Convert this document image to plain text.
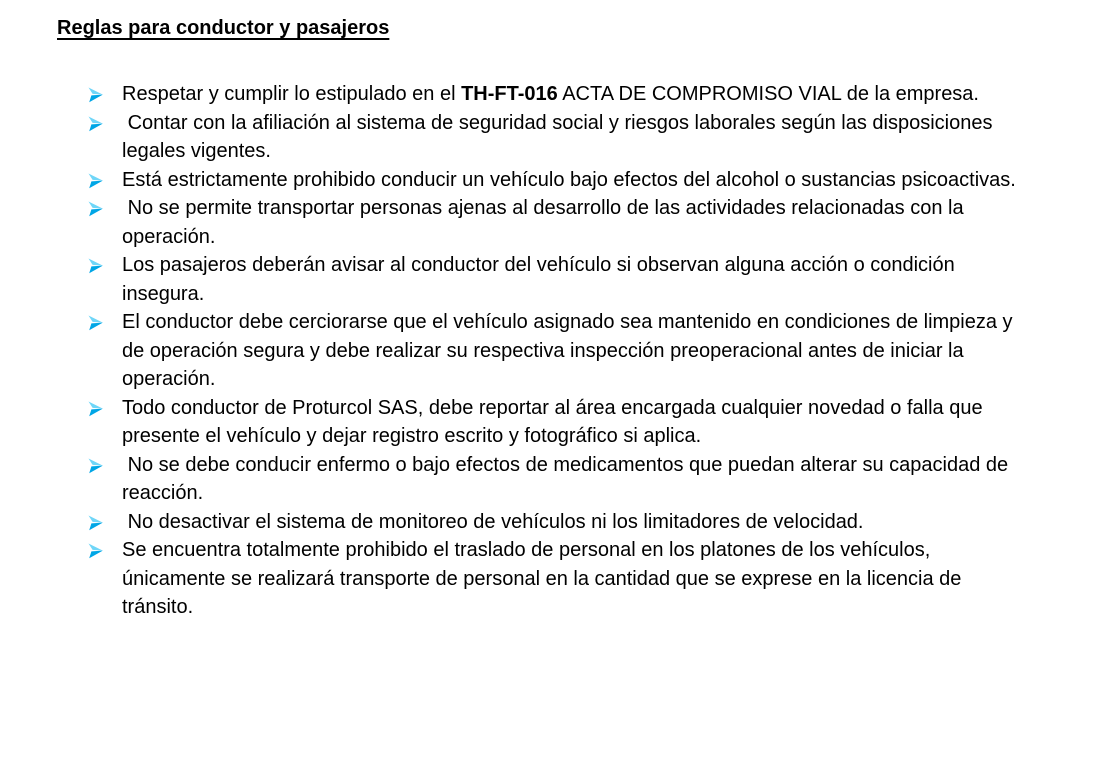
Reglas para conductor y pasajeros
Respetar y cumplir lo estipulado en el TH-FT-016 ACTA DE COMPROMISO VIAL de la empresa.
Contar con la afiliación al sistema de seguridad social y riesgos laborales según las disposiciones legales vigentes.
Está estrictamente prohibido conducir un vehículo bajo efectos del alcohol o sustancias psicoactivas.
No se permite transportar personas ajenas al desarrollo de las actividades relacionadas con la operación.
Los pasajeros deberán avisar al conductor del vehículo si observan alguna acción o condición insegura.
El conductor debe cerciorarse que el vehículo asignado sea mantenido en condiciones de limpieza y de operación segura y debe realizar su respectiva inspección preoperacional antes de iniciar la operación.
Todo conductor de Proturcol SAS, debe reportar al área encargada cualquier novedad o falla que presente el vehículo y dejar registro escrito y fotográfico si aplica.
No se debe conducir enfermo o bajo efectos de medicamentos que puedan alterar su capacidad de reacción.
No desactivar el sistema de monitoreo de vehículos ni los limitadores de velocidad.
Se encuentra totalmente prohibido el traslado de personal en los platones de los vehículos, únicamente se realizará transporte de personal en la cantidad que se exprese en la licencia de tránsito.
